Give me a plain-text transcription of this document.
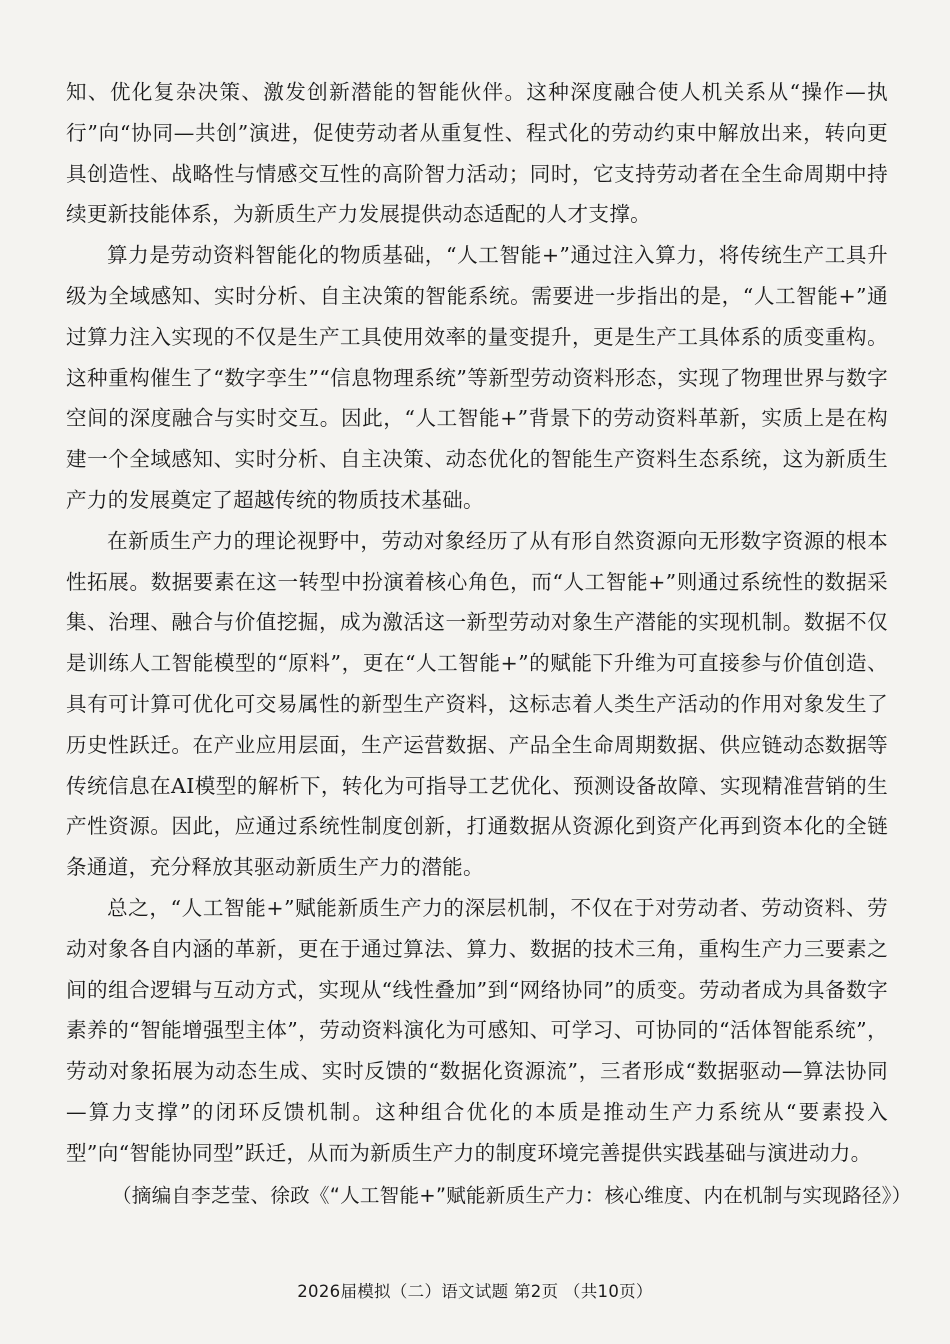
知、优化复杂决策、激发创新潜能的智能伙伴。这种深度融合使人机关系从“操作—执行”向“协同—共创”演进，促使劳动者从重复性、程式化的劳动约束中解放出来，转向更具创造性、战略性与情感交互性的高阶智力活动；同时，它支持劳动者在全生命周期中持续更新技能体系，为新质生产力发展提供动态适配的人才支撑。

算力是劳动资料智能化的物质基础，“人工智能+”通过注入算力，将传统生产工具升级为全域感知、实时分析、自主决策的智能系统。需要进一步指出的是，“人工智能+”通过算力注入实现的不仅是生产工具使用效率的量变提升，更是生产工具体系的质变重构。这种重构催生了“数字孪生”“信息物理系统”等新型劳动资料形态，实现了物理世界与数字空间的深度融合与实时交互。因此，“人工智能+”背景下的劳动资料革新，实质上是在构建一个全域感知、实时分析、自主决策、动态优化的智能生产资料生态系统，这为新质生产力的发展奠定了超越传统的物质技术基础。

在新质生产力的理论视野中，劳动对象经历了从有形自然资源向无形数字资源的根本性拓展。数据要素在这一转型中扮演着核心角色，而“人工智能+”则通过系统性的数据采集、治理、融合与价值挖掘，成为激活这一新型劳动对象生产潜能的实现机制。数据不仅是训练人工智能模型的“原料”，更在“人工智能+”的赋能下升维为可直接参与价值创造、具有可计算可优化可交易属性的新型生产资料，这标志着人类生产活动的作用对象发生了历史性跃迁。在产业应用层面，生产运营数据、产品全生命周期数据、供应链动态数据等传统信息在AI模型的解析下，转化为可指导工艺优化、预测设备故障、实现精准营销的生产性资源。因此，应通过系统性制度创新，打通数据从资源化到资产化再到资本化的全链条通道，充分释放其驱动新质生产力的潜能。

总之，“人工智能+”赋能新质生产力的深层机制，不仅在于对劳动者、劳动资料、劳动对象各自内涵的革新，更在于通过算法、算力、数据的技术三角，重构生产力三要素之间的组合逻辑与互动方式，实现从“线性叠加”到“网络协同”的质变。劳动者成为具备数字素养的“智能增强型主体”，劳动资料演化为可感知、可学习、可协同的“活体智能系统”，劳动对象拓展为动态生成、实时反馈的“数据化资源流”，三者形成“数据驱动—算法协同—算力支撑”的闭环反馈机制。这种组合优化的本质是推动生产力系统从“要素投入型”向“智能协同型”跃迁，从而为新质生产力的制度环境完善提供实践基础与演进动力。

（摘编自李芝莹、徐政《“人工智能+”赋能新质生产力：核心维度、内在机制与实现路径》）

2026届模拟（二）语文试题 第2页 （共10页）
